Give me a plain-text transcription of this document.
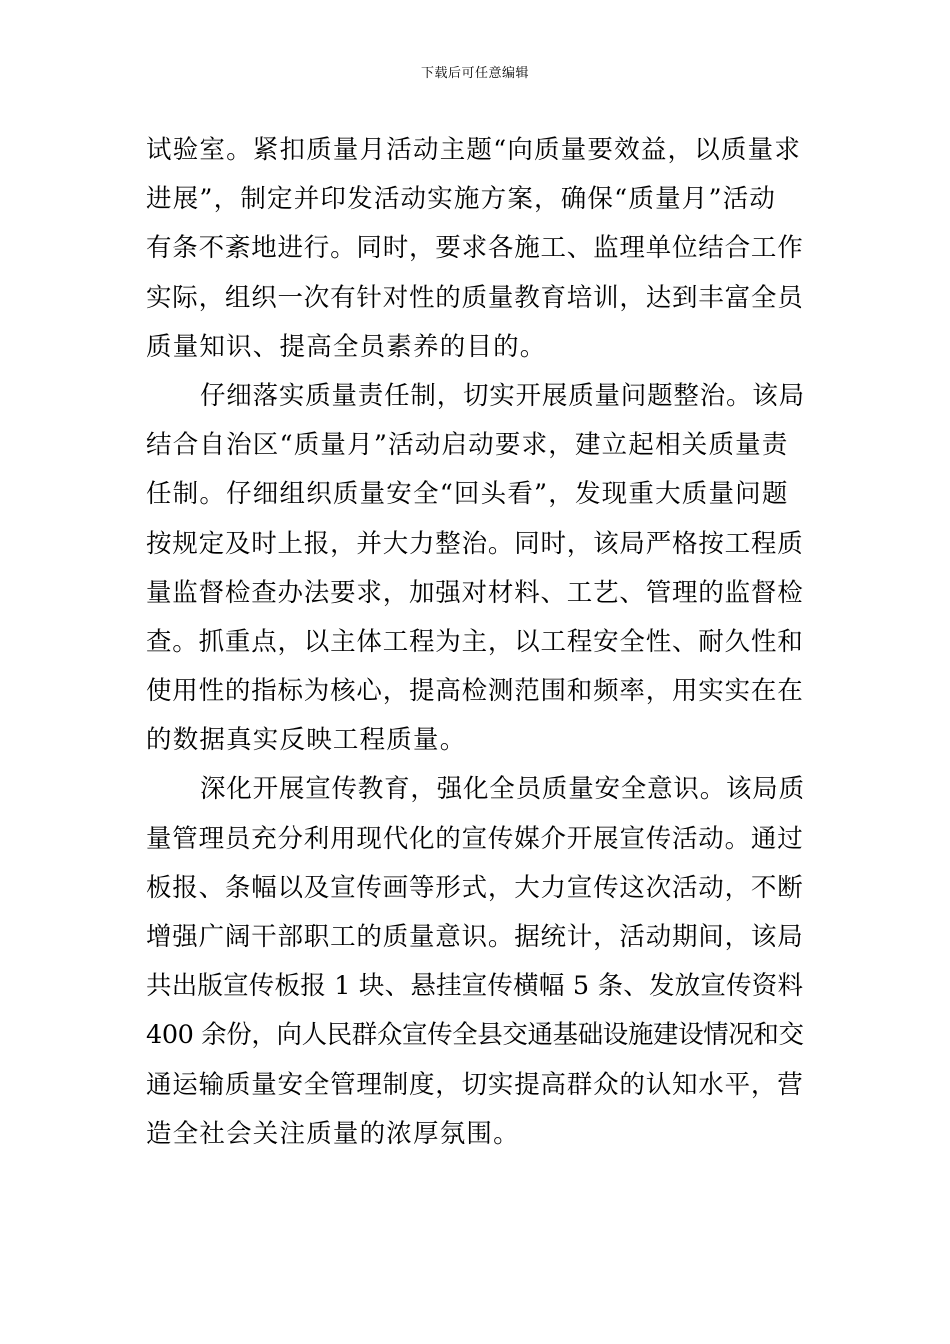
下载后可任意编辑
试验室。紧扣质量月活动主题“向质量要效益，以质量求
进展”，制定并印发活动实施方案，确保“质量月”活动
有条不紊地进行。同时，要求各施工、监理单位结合工作
实际，组织一次有针对性的质量教育培训，达到丰富全员
质量知识、提高全员素养的目的。
仔细落实质量责任制，切实开展质量问题整治。该局
结合自治区“质量月”活动启动要求，建立起相关质量责
任制。仔细组织质量安全“回头看”，发现重大质量问题
按规定及时上报，并大力整治。同时，该局严格按工程质
量监督检查办法要求，加强对材料、工艺、管理的监督检
查。抓重点，以主体工程为主，以工程安全性、耐久性和
使用性的指标为核心，提高检测范围和频率，用实实在在
的数据真实反映工程质量。
深化开展宣传教育，强化全员质量安全意识。该局质
量管理员充分利用现代化的宣传媒介开展宣传活动。通过
板报、条幅以及宣传画等形式，大力宣传这次活动，不断
增强广阔干部职工的质量意识。据统计，活动期间，该局
共出版宣传板报 1 块、悬挂宣传横幅 5 条、发放宣传资料
400 余份，向人民群众宣传全县交通基础设施建设情况和交
通运输质量安全管理制度，切实提高群众的认知水平，营
造全社会关注质量的浓厚氛围。
